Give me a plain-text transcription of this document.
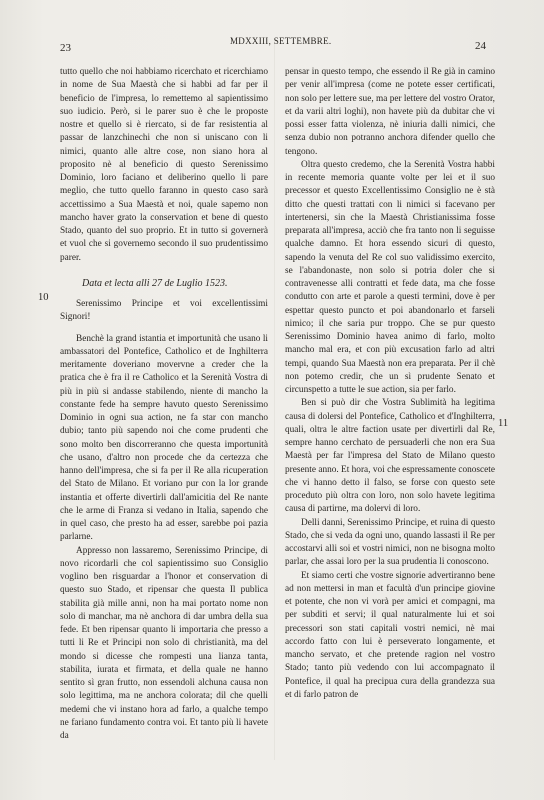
23
MDXXIII, SETTEMBRE.	24
10
11

tutto quello che noi habbiamo ricerchato et ricerchiamo in nome de Sua Maestà che si habbi ad far per il beneficio de l'impresa, lo remettemo al sapientissimo suo iudicio. Però, si le parer suo è che le proposte nostre et quello si è riercato, si de far resistentia al passar de lanzchinechi che non si uniscano con li nimici, quanto alle altre cose, non siano hora al proposito nè al beneficio di questo Serenissimo Dominio, loro faciano et deliberino quello li pare meglio, che tutto quello faranno in questo caso sarà accettissimo a Sua Maestà et noi, quale sapemo non mancho haver grato la conservation et bene di questo Stado, quanto del suo proprio. Et in tutto si governerà et vuol che si governemo secondo il suo prudentissimo parer.

Data et lecta alli 27 de Luglio 1523.

Serenissimo Principe et voi excellentissimi Signori!

Benchè la grand istantia et importunità che usano li ambassatori del Pontefice, Catholico et de Inghilterra meritamente doveriano movervne a creder che la pratica che è fra il re Catholico et la Serenità Vostra di più in più si andasse stabilendo, niente di mancho la constante fede ha sempre havuto questo Serenissimo Dominio in ogni sua action, ne fa star con mancho dubio; tanto più sapendo noi che come prudenti che sono molto ben discorreranno che questa importunità che usano, d'altro non procede che da certezza che hanno dell'impresa, che si fa per il Re alla ricuperation del Stato de Milano. Et voriano pur con la lor grande instantia et offerte divertirli dall'amicitia del Re nante che le arme di Franza si vedano in Italia, sapendo che in quel caso, che presto ha ad esser, sarebbe poi pazia parlarne.

Appresso non lassaremo, Serenissimo Principe, di novo ricordarli che col sapientissimo suo Consiglio voglino ben risguardar a l'honor et conservation di questo suo Stado, et ripensar che questa Il publica stabilita già mille anni, non ha mai portato nome non solo di manchar, ma nè anchora di dar umbra della sua fede. Et ben ripensar quanto li importaria che presso a tutti li Re et Principi non solo di christianità, ma del mondo si dicesse che rompesti una lianza tanta, stabilita, iurata et firmata, et della quale ne hanno sentito sì gran frutto, non essendoli alchuna causa non solo legittima, ma ne anchora colorata; dil che quelli medemi che vi instano hora ad farlo, a qualche tempo ne fariano fundamento contra voi. Et tanto più li havete da

pensar in questo tempo, che essendo il Re già in camino per venir all'impresa (come ne potete esser certificati, non solo per lettere sue, ma per lettere del vostro Orator, et da varii altri loghi), non havete più da dubitar che vi possi esser fatta violenza, nè iniuria dalli nimici, che senza dubio non potranno anchora difender quello che tengono.

Oltra questo credemo, che la Serenità Vostra habbi in recente memoria quante volte per lei et il suo precessor et questo Excellentissimo Consiglio ne è stà ditto che questi trattati con li nimici si facevano per intertenersi, sin che la Maestà Christianissima fosse preparata all'impresa, acciò che fra tanto non li seguisse qualche damno. Et hora essendo sicuri di questo, sapendo la venuta del Re col suo validissimo exercito, se l'abandonaste, non solo si potria doler che si contravenesse alli contratti et fede data, ma che fosse condutto con arte et parole a questi termini, dove è per espettar questo puncto et poi abandonarlo et farseli nimico; il che saria pur troppo. Che se pur questo Serenissimo Dominio havea animo di farlo, molto mancho mal era, et con più excusation farlo ad altri tempi, quando Sua Maestà non era preparata. Per il chè non potemo credir, che un sì prudente Senato et circunspetto a tutte le sue action, sia per farlo.

Ben si può dir che Vostra Sublimità ha legitima causa di dolersi del Pontefice, Catholico et d'Inghilterra, quali, oltra le altre faction usate per divertirli dal Re, sempre hanno cerchato de persuaderli che non era Sua Maestà per far l'impresa del Stato de Milano questo presente anno. Et hora, voi che espressamente conoscete che vi hanno detto il falso, se forse con questo sete proceduto più oltra con loro, non solo havete legitima causa di partirne, ma dolervi di loro.

Delli danni, Serenissimo Principe, et ruina di questo Stado, che si veda da ogni uno, quando lassasti il Re per accostarvi alli soi et vostri nimici, non ne bisogna molto parlar, che assai loro per la sua prudentia li conoscono.

Et siamo certi che vostre signorie advertiranno bene ad non mettersi in man et facultà d'un principe giovine et potente, che non vi vorà per amici et compagni, ma per subditi et servi; il qual naturalmente lui et soi precessori son stati capitali vostri nemici, nè mai accordo fatto con lui è perseverato longamente, et mancho servato, et che pretende ragion nel vostro Stado; tanto più vedendo con lui accompagnato il Pontefice, il qual ha precipua cura della grandezza sua et di farlo patron de
